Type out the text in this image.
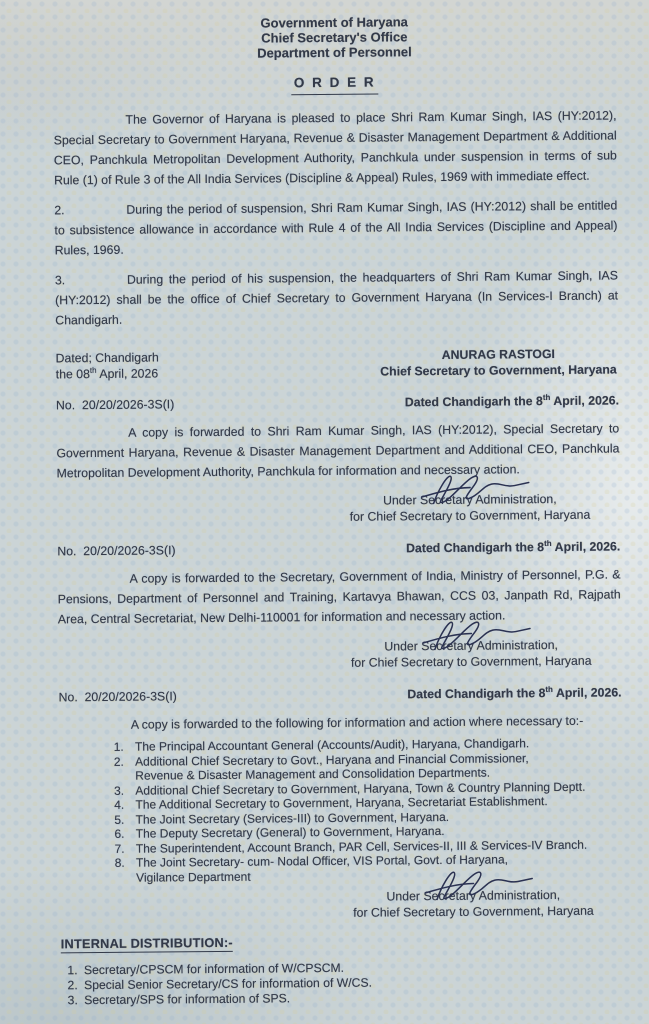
Government of Haryana
Chief Secretary's Office
Department of Personnel
O R D E R

The Governor of Haryana is pleased to place Shri Ram Kumar Singh, IAS (HY:2012), Special Secretary to Government Haryana, Revenue & Disaster Management Department & Additional CEO, Panchkula Metropolitan Development Authority, Panchkula under suspension in terms of sub Rule (1) of Rule 3 of the All India Services (Discipline & Appeal) Rules, 1969 with immediate effect.

2.	During the period of suspension, Shri Ram Kumar Singh, IAS (HY:2012) shall be entitled to subsistence allowance in accordance with Rule 4 of the All India Services (Discipline and Appeal) Rules, 1969.

3.	During the period of his suspension, the headquarters of Shri Ram Kumar Singh, IAS (HY:2012) shall be the office of Chief Secretary to Government Haryana (In Services-I Branch) at Chandigarh.

Dated; Chandigarh
the 08th April, 2026
ANURAG RASTOGI
Chief Secretary to Government, Haryana
No.  20/20/2026-3S(I)	Dated Chandigarh the 8th April, 2026.

A copy is forwarded to Shri Ram Kumar Singh, IAS (HY:2012), Special Secretary to Government Haryana, Revenue & Disaster Management Department and Additional CEO, Panchkula Metropolitan Development Authority, Panchkula for information and necessary action.

Under Secretary Administration,
for Chief Secretary to Government, Haryana
No.  20/20/2026-3S(I)	Dated Chandigarh the 8th April, 2026.

A copy is forwarded to the Secretary, Government of India, Ministry of Personnel, P.G. & Pensions, Department of Personnel and Training, Kartavya Bhawan, CCS 03, Janpath Rd, Rajpath Area, Central Secretariat, New Delhi-110001 for information and necessary action.

Under Secretary Administration,
for Chief Secretary to Government, Haryana
No.  20/20/2026-3S(I)	Dated Chandigarh the 8th April, 2026.

A copy is forwarded to the following for information and action where necessary to:-

1. The Principal Accountant General (Accounts/Audit), Haryana, Chandigarh.
2. Additional Chief Secretary to Govt., Haryana and Financial Commissioner,
Revenue & Disaster Management and Consolidation Departments.
3. Additional Chief Secretary to Government, Haryana, Town & Country Planning Deptt.
4. The Additional Secretary to Government, Haryana, Secretariat Establishment.
5. The Joint Secretary (Services-III) to Government, Haryana.
6. The Deputy Secretary (General) to Government, Haryana.
7. The Superintendent, Account Branch, PAR Cell, Services-II, III & Services-IV Branch.
8. The Joint Secretary- cum- Nodal Officer, VIS Portal, Govt. of Haryana,
Vigilance Department
Under Secretary Administration,
for Chief Secretary to Government, Haryana
INTERNAL DISTRIBUTION:-
1. Secretary/CPSCM for information of W/CPSCM.
2. Special Senior Secretary/CS for information of W/CS.
3. Secretary/SPS for information of SPS.
